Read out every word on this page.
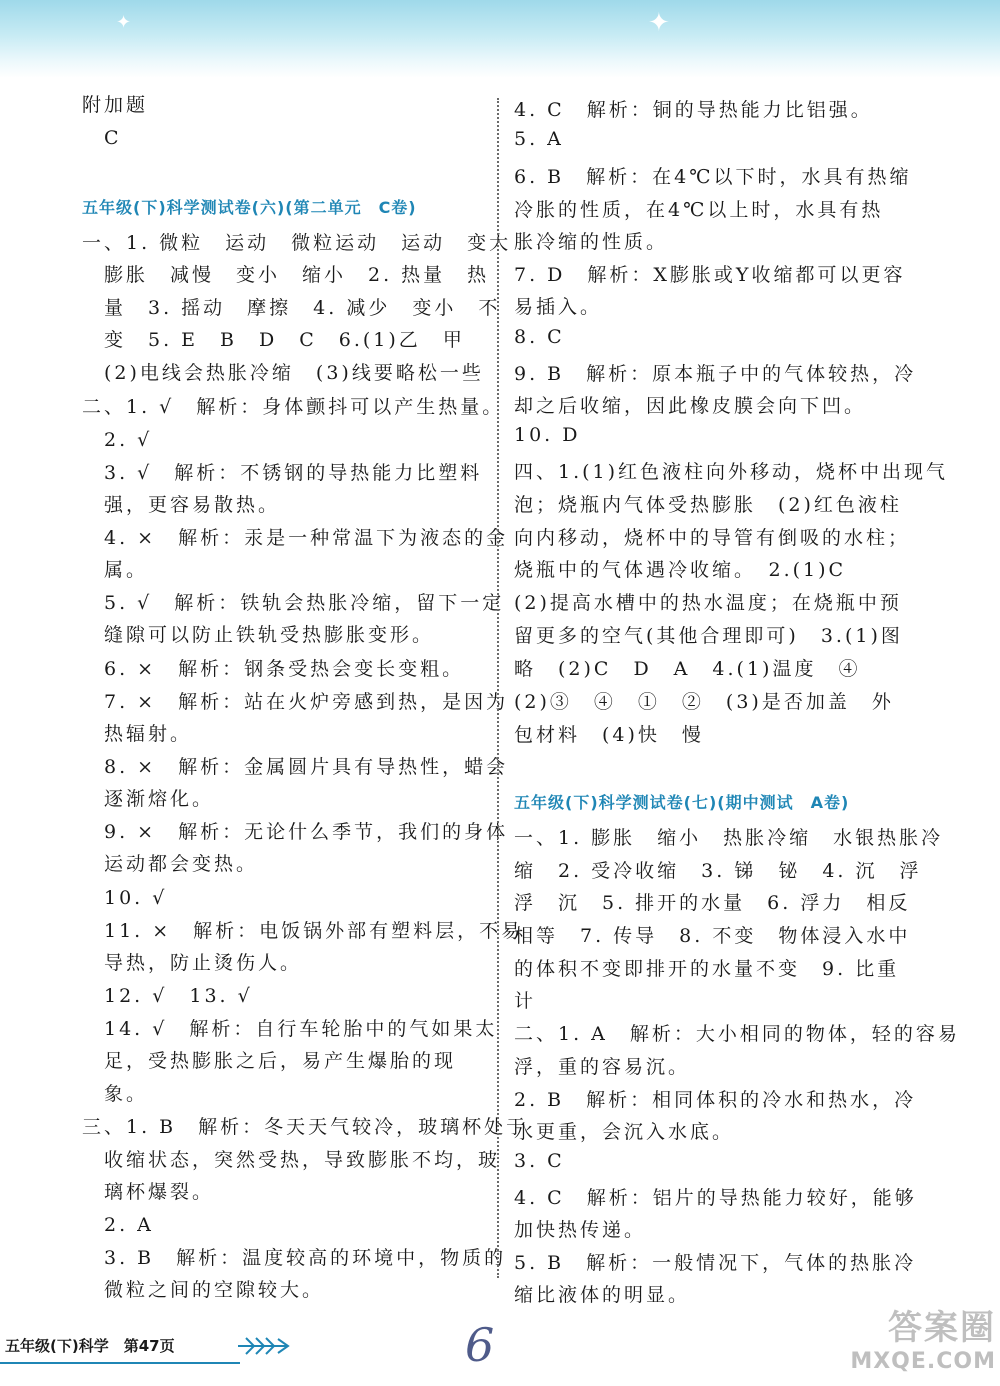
✦
✦
附加题
　C
五年级(下)科学测试卷(六)(第二单元　C卷)
一、1. 微粒　运动　微粒运动　运动　变大
　膨胀　减慢　变小　缩小　2. 热量　热
　量　3. 摇动　摩擦　4. 减少　变小　不
　变　5. E　B　D　C　6.(1)乙　甲
　(2)电线会热胀冷缩　(3)线要略松一些
二、1. √　解析：身体颤抖可以产生热量。
　2. √
　3. √　解析：不锈钢的导热能力比塑料
　强，更容易散热。
　4. ×　解析：汞是一种常温下为液态的金
　属。
　5. √　解析：铁轨会热胀冷缩，留下一定
　缝隙可以防止铁轨受热膨胀变形。
　6. ×　解析：钢条受热会变长变粗。
　7. ×　解析：站在火炉旁感到热，是因为
　热辐射。
　8. ×　解析：金属圆片具有导热性，蜡会
　逐渐熔化。
　9. ×　解析：无论什么季节，我们的身体
　运动都会变热。
　10. √
　11. ×　解析：电饭锅外部有塑料层，不易
　导热，防止烫伤人。
　12. √　13. √
　14. √　解析：自行车轮胎中的气如果太
　足，受热膨胀之后，易产生爆胎的现
　象。
三、1. B　解析：冬天天气较冷，玻璃杯处于
　收缩状态，突然受热，导致膨胀不均，玻
　璃杯爆裂。
　2. A
　3. B　解析：温度较高的环境中，物质的
　微粒之间的空隙较大。
4. C　解析：铜的导热能力比铝强。
5. A
6. B　解析：在4℃以下时，水具有热缩
冷胀的性质，在4℃以上时，水具有热
胀冷缩的性质。
7. D　解析：X膨胀或Y收缩都可以更容
易插入。
8. C
9. B　解析：原本瓶子中的气体较热，冷
却之后收缩，因此橡皮膜会向下凹。
10. D
四、1.(1)红色液柱向外移动，烧杯中出现气
泡；烧瓶内气体受热膨胀　(2)红色液柱
向内移动，烧杯中的导管有倒吸的水柱；
烧瓶中的气体遇冷收缩。　2.(1)C
(2)提高水槽中的热水温度；在烧瓶中预
留更多的空气(其他合理即可)　3.(1)图
略　(2)C　D　A　4.(1)温度　④
(2)③　④　①　②　(3)是否加盖　外
包材料　(4)快　慢
五年级(下)科学测试卷(七)(期中测试　A卷)
一、1. 膨胀　缩小　热胀冷缩　水银热胀冷
缩　2. 受冷收缩　3. 锑　铋　4. 沉　浮
浮　沉　5. 排开的水量　6. 浮力　相反
相等　7. 传导　8. 不变　物体浸入水中
的体积不变即排开的水量不变　9. 比重
计
二、1. A　解析：大小相同的物体，轻的容易
浮，重的容易沉。
2. B　解析：相同体积的冷水和热水，冷
水更重，会沉入水底。
3. C
4. C　解析：铝片的导热能力较好，能够
加快热传递。
5. B　解析：一般情况下，气体的热胀冷
缩比液体的明显。
五年级(下)科学　第47页	6	答案圈
MXQE.COM
